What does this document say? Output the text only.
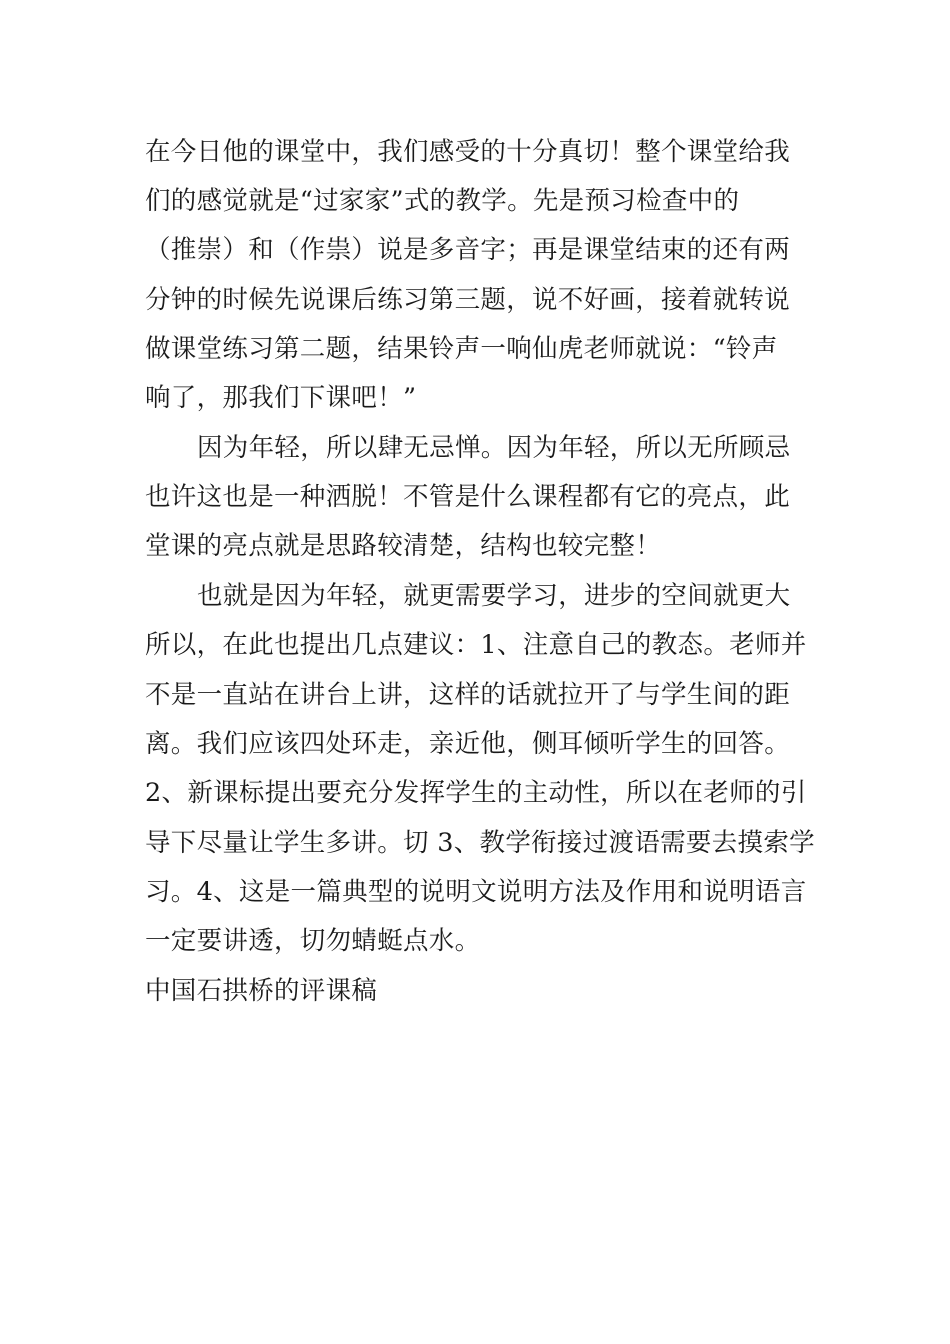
在今日他的课堂中，我们感受的十分真切！整个课堂给我
们的感觉就是“过家家”式的教学。先是预习检查中的
（推崇）和（作祟）说是多音字；再是课堂结束的还有两
分钟的时候先说课后练习第三题，说不好画，接着就转说
做课堂练习第二题，结果铃声一响仙虎老师就说：“铃声
响了，那我们下课吧！”
因为年轻，所以肆无忌惮。因为年轻，所以无所顾忌
也许这也是一种洒脱！不管是什么课程都有它的亮点，此
堂课的亮点就是思路较清楚，结构也较完整！
也就是因为年轻，就更需要学习，进步的空间就更大
所以，在此也提出几点建议：1、注意自己的教态。老师并
不是一直站在讲台上讲，这样的话就拉开了与学生间的距
离。我们应该四处环走，亲近他，侧耳倾听学生的回答。
2、新课标提出要充分发挥学生的主动性，所以在老师的引
导下尽量让学生多讲。切 3、教学衔接过渡语需要去摸索学
习。4、这是一篇典型的说明文说明方法及作用和说明语言
一定要讲透，切勿蜻蜓点水。
中国石拱桥的评课稿
